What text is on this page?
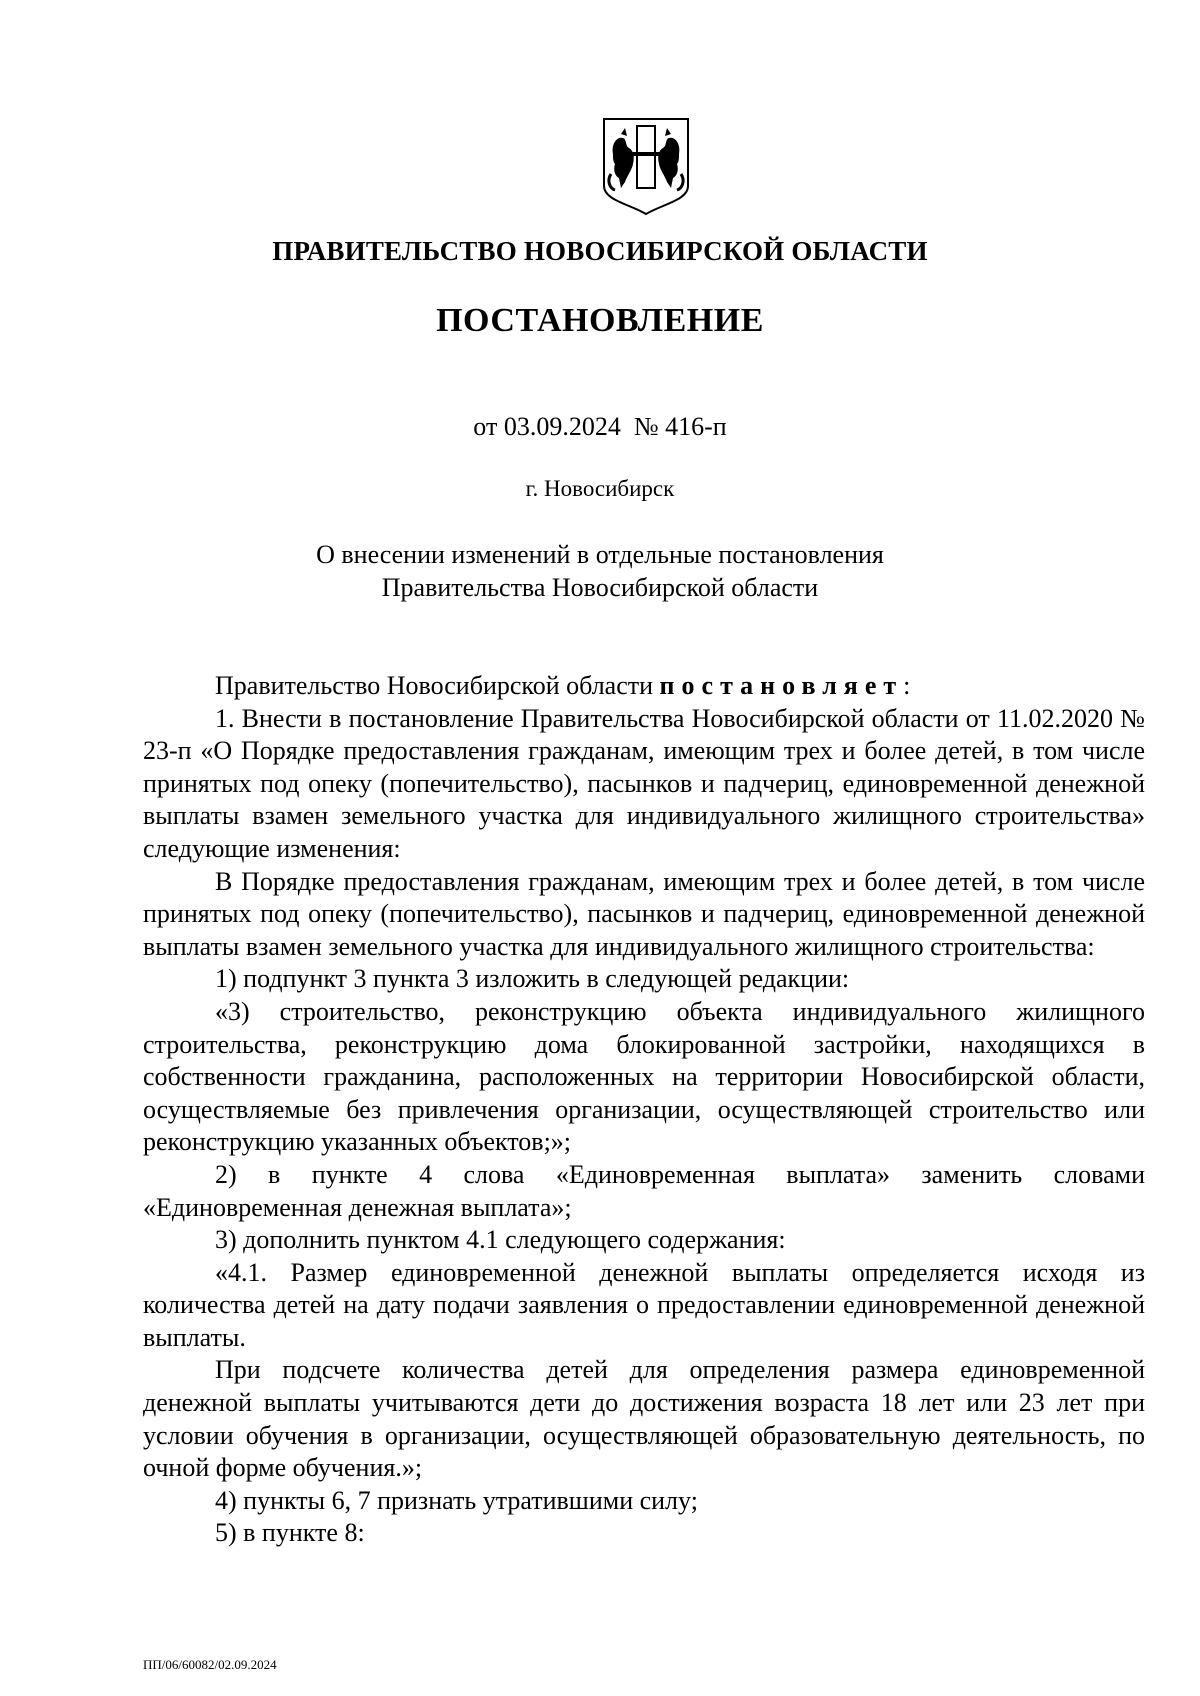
ПРАВИТЕЛЬСТВО НОВОСИБИРСКОЙ ОБЛАСТИ
ПОСТАНОВЛЕНИЕ
от 03.09.2024  № 416-п
г. Новосибирск
О внесении изменений в отдельные постановления
Правительства Новосибирской области

Правительство Новосибирской области постановляет:

1. Внести в постановление Правительства Новосибирской области от 11.02.2020 № 23-п «О Порядке предоставления гражданам, имеющим трех и более детей, в том числе принятых под опеку (попечительство), пасынков и падчериц, единовременной денежной выплаты взамен земельного участка для индивидуального жилищного строительства» следующие изменения:

В Порядке предоставления гражданам, имеющим трех и более детей, в том числе принятых под опеку (попечительство), пасынков и падчериц, единовременной денежной выплаты взамен земельного участка для индивидуального жилищного строительства:

1) подпункт 3 пункта 3 изложить в следующей редакции:

«3) строительство, реконструкцию объекта индивидуального жилищного строительства, реконструкцию дома блокированной застройки, находящихся в собственности гражданина, расположенных на территории Новосибирской области, осуществляемые без привлечения организации, осуществляющей строительство или реконструкцию указанных объектов;»;

2) в пункте 4 слова «Единовременная выплата» заменить словами «Единовременная денежная выплата»;

3) дополнить пунктом 4.1 следующего содержания:

«4.1. Размер единовременной денежной выплаты определяется исходя из количества детей на дату подачи заявления о предоставлении единовременной денежной выплаты.

При подсчете количества детей для определения размера единовременной денежной выплаты учитываются дети до достижения возраста 18 лет или 23 лет при условии обучения в организации, осуществляющей образовательную деятельность, по очной форме обучения.»;

4) пункты 6, 7 признать утратившими силу;

5) в пункте 8:

ПП/06/60082/02.09.2024
